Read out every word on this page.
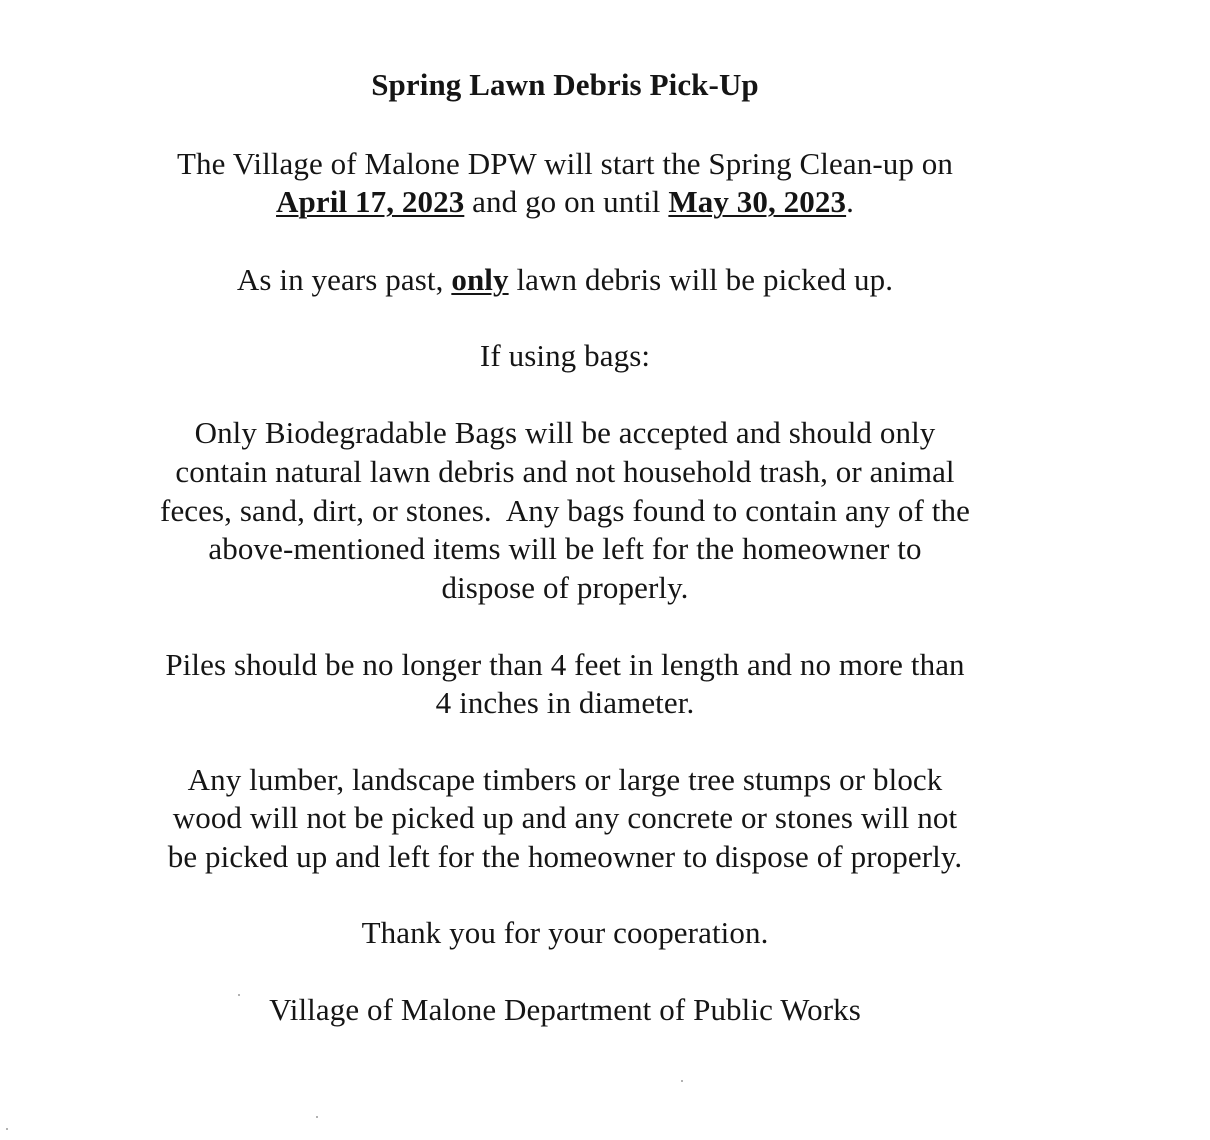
Spring Lawn Debris Pick-Up
The Village of Malone DPW will start the Spring Clean-up on
April 17, 2023 and go on until May 30, 2023.
As in years past, only lawn debris will be picked up.
If using bags:
Only Biodegradable Bags will be accepted and should only
contain natural lawn debris and not household trash, or animal
feces, sand, dirt, or stones.  Any bags found to contain any of the
above-mentioned items will be left for the homeowner to
dispose of properly.
Piles should be no longer than 4 feet in length and no more than
4 inches in diameter.
Any lumber, landscape timbers or large tree stumps or block
wood will not be picked up and any concrete or stones will not
be picked up and left for the homeowner to dispose of properly.
Thank you for your cooperation.
Village of Malone Department of Public Works
